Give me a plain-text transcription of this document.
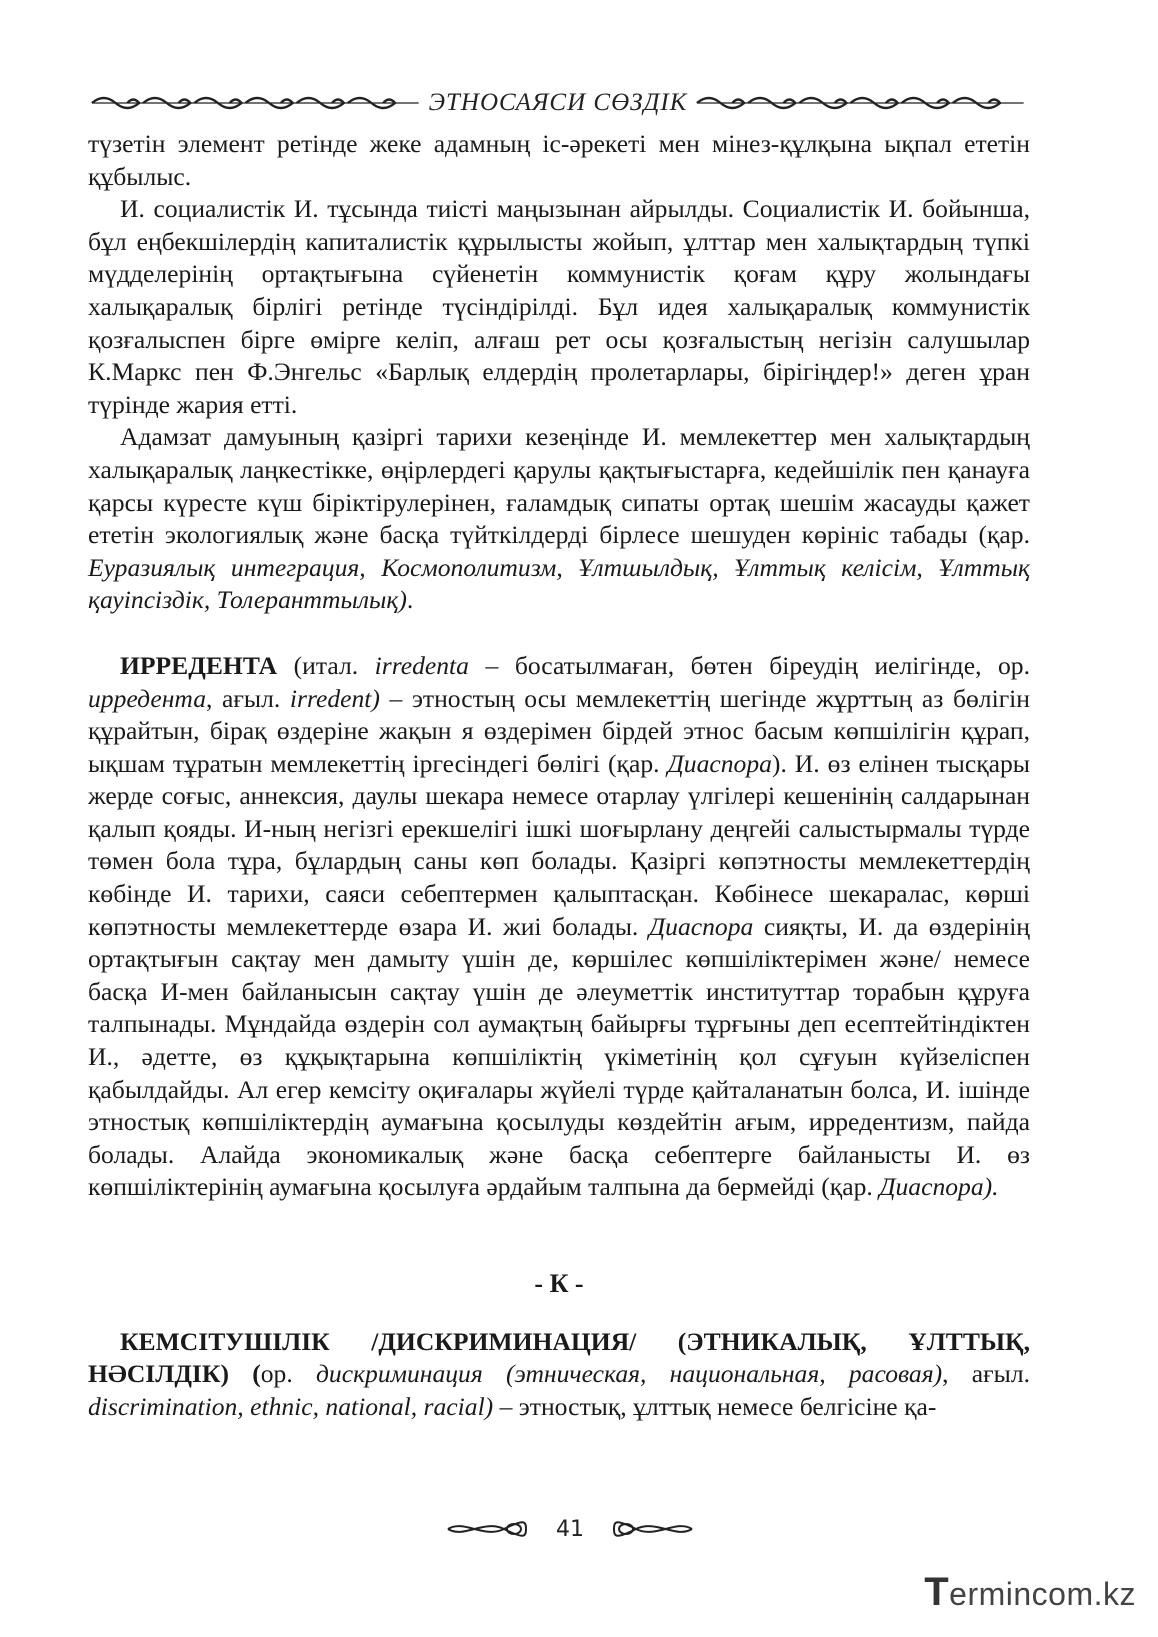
ЭТНОСАЯСИ СӨЗДІК

түзетін элемент ретінде жеке адамның іс-әрекеті мен мінез-құлқына ықпал ететін құбылыс.

И. социалистік И. тұсында тиісті маңызынан айрылды. Социалистік И. бойынша, бұл еңбекшілердің капиталистік құрылысты жойып, ұлттар мен халықтардың түпкі мүдделерінің ортақтығына сүйенетін коммунистік қоғам құру жолындағы халықаралық бірлігі ретінде түсіндірілді. Бұл идея халықаралық коммунистік қозғалыспен бірге өмірге келіп, алғаш рет осы қозғалыстың негізін салушылар К.Маркс пен Ф.Энгельс «Барлық елдердің пролетарлары, бірігіңдер!» деген ұран түрінде жария етті.

Адамзат дамуының қазіргі тарихи кезеңінде И. мемлекеттер мен халықтардың халықаралық лаңкестікке, өңірлердегі қарулы қақтығыстарға, кедейшілік пен қанауға қарсы күресте күш біріктірулерінен, ғаламдық сипаты ортақ шешім жасауды қажет ететін экологиялық және басқа түйткілдерді бірлесе шешуден көрініс табады (қар. Еуразиялық интеграция, Космополитизм, Ұлтшылдық, Ұлттық келісім, Ұлттық қауіпсіздік, Толеранттылық).

ИРРЕДЕНТА (итал. irredenta – босатылмаған, бөтен біреудің иелігінде, ор. ирредента, ағыл. irredent) – этностың осы мемлекеттің шегінде жұрттың аз бөлігін құрайтын, бірақ өздеріне жақын я өздерімен бірдей этнос басым көпшілігін құрап, ықшам тұратын мемлекеттің іргесіндегі бөлігі (қар. Диаспора). И. өз елінен тысқары жерде соғыс, аннексия, даулы шекара немесе отарлау үлгілері кешенінің салдарынан қалып қояды. И-ның негізгі ерекшелігі ішкі шоғырлану деңгейі салыстырмалы түрде төмен бола тұра, бұлардың саны көп болады. Қазіргі көпэтносты мемлекеттердің көбінде И. тарихи, саяси себептермен қалыптасқан. Көбінесе шекаралас, көрші көпэтносты мемлекеттерде өзара И. жиі болады. Диаспора сияқты, И. да өздерінің ортақтығын сақтау мен дамыту үшін де, көршілес көпшіліктерімен және/ немесе басқа И-мен байланысын сақтау үшін де әлеуметтік институттар торабын құруға талпынады. Мұндайда өздерін сол аумақтың байырғы тұрғыны деп есептейтіндіктен И., әдетте, өз құқықтарына көпшіліктің үкіметінің қол сұғуын күйзеліспен қабылдайды. Ал егер кемсіту оқиғалары жүйелі түрде қайталанатын болса, И. ішінде этностық көпшіліктердің аумағына қосылуды көздейтін ағым, ирредентизм, пайда болады. Алайда экономикалық және басқа себептерге байланысты И. өз көпшіліктерінің аумағына қосылуға әрдайым талпына да бермейді (қар. Диаспора).

- К -

КЕМСІТУШІЛІК /ДИСКРИМИНАЦИЯ/ (ЭТНИКАЛЫҚ, ҰЛТТЫҚ, НӘСІЛДІК) (ор. дискриминация (этническая, национальная, расовая), ағыл. discrimination, ethnic, national, racial) – этностық, ұлттық немесе белгісіне қа-

41
Termincom.kz
